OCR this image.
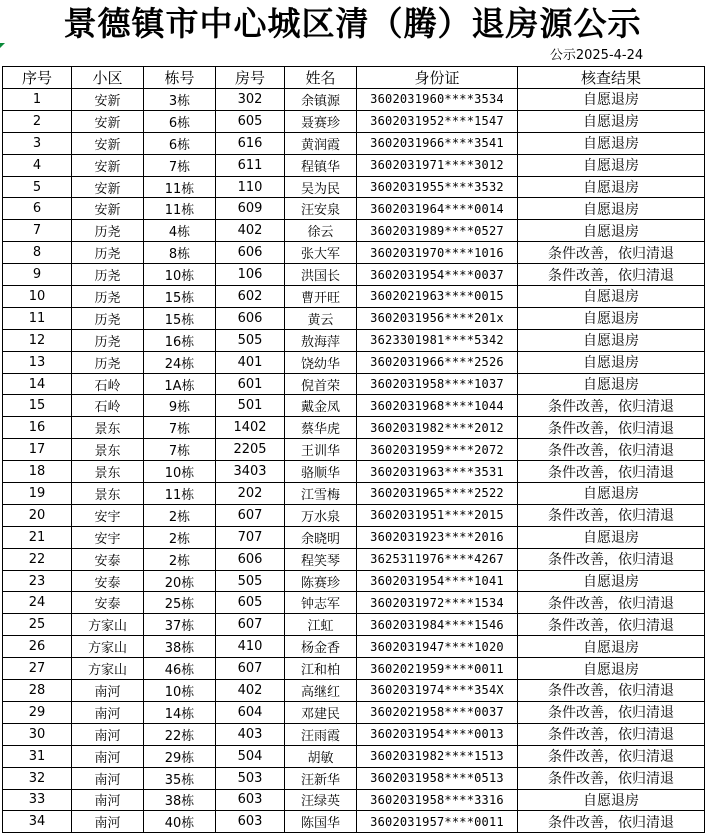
景德镇市中心城区清（腾）退房源公示
公示2025-4-24
序号	小区	栋号	房号	姓名	身份证	核查结果
1	安新	3栋	302	余镇源	3602031960****3534	自愿退房
2	安新	6栋	605	聂赛珍	3602031952****1547	自愿退房
3	安新	6栋	616	黄润霞	3602031966****3541	自愿退房
4	安新	7栋	611	程镇华	3602031971****3012	自愿退房
5	安新	11栋	110	吴为民	3602031955****3532	自愿退房
6	安新	11栋	609	汪安泉	3602031964****0014	自愿退房
7	历尧	4栋	402	徐云	3602031989****0527	自愿退房
8	历尧	8栋	606	张大军	3602031970****1016	条件改善，依归清退
9	历尧	10栋	106	洪国长	3602031954****0037	条件改善，依归清退
10	历尧	15栋	602	曹开旺	3602021963****0015	自愿退房
11	历尧	15栋	606	黄云	3602031956****201x	自愿退房
12	历尧	16栋	505	敖海萍	3623301981****5342	自愿退房
13	历尧	24栋	401	饶幼华	3602031966****2526	自愿退房
14	石岭	1A栋	601	倪首荣	3602031958****1037	自愿退房
15	石岭	9栋	501	戴金凤	3602031968****1044	条件改善，依归清退
16	景东	7栋	1402	蔡华虎	3602031982****2012	条件改善，依归清退
17	景东	7栋	2205	王训华	3602031959****2072	条件改善，依归清退
18	景东	10栋	3403	骆顺华	3602031963****3531	条件改善，依归清退
19	景东	11栋	202	江雪梅	3602031965****2522	自愿退房
20	安宇	2栋	607	万水泉	3602031951****2015	条件改善，依归清退
21	安宇	2栋	707	余晓明	3602031923****2016	自愿退房
22	安泰	2栋	606	程笑琴	3625311976****4267	条件改善，依归清退
23	安泰	20栋	505	陈赛珍	3602031954****1041	自愿退房
24	安泰	25栋	605	钟志军	3602031972****1534	条件改善，依归清退
25	方家山	37栋	607	江虹	3602031984****1546	条件改善，依归清退
26	方家山	38栋	410	杨金香	3602031947****1020	自愿退房
27	方家山	46栋	607	江和柏	3602021959****0011	自愿退房
28	南河	10栋	402	高继红	3602031974****354X	条件改善，依归清退
29	南河	14栋	604	邓建民	3602021958****0037	条件改善，依归清退
30	南河	22栋	403	汪雨霞	3602031954****0013	条件改善，依归清退
31	南河	29栋	504	胡敏	3602031982****1513	条件改善，依归清退
32	南河	35栋	503	汪新华	3602031958****0513	条件改善，依归清退
33	南河	38栋	603	汪绿英	3602031958****3316	自愿退房
34	南河	40栋	603	陈国华	3602031957****0011	条件改善，依归清退
